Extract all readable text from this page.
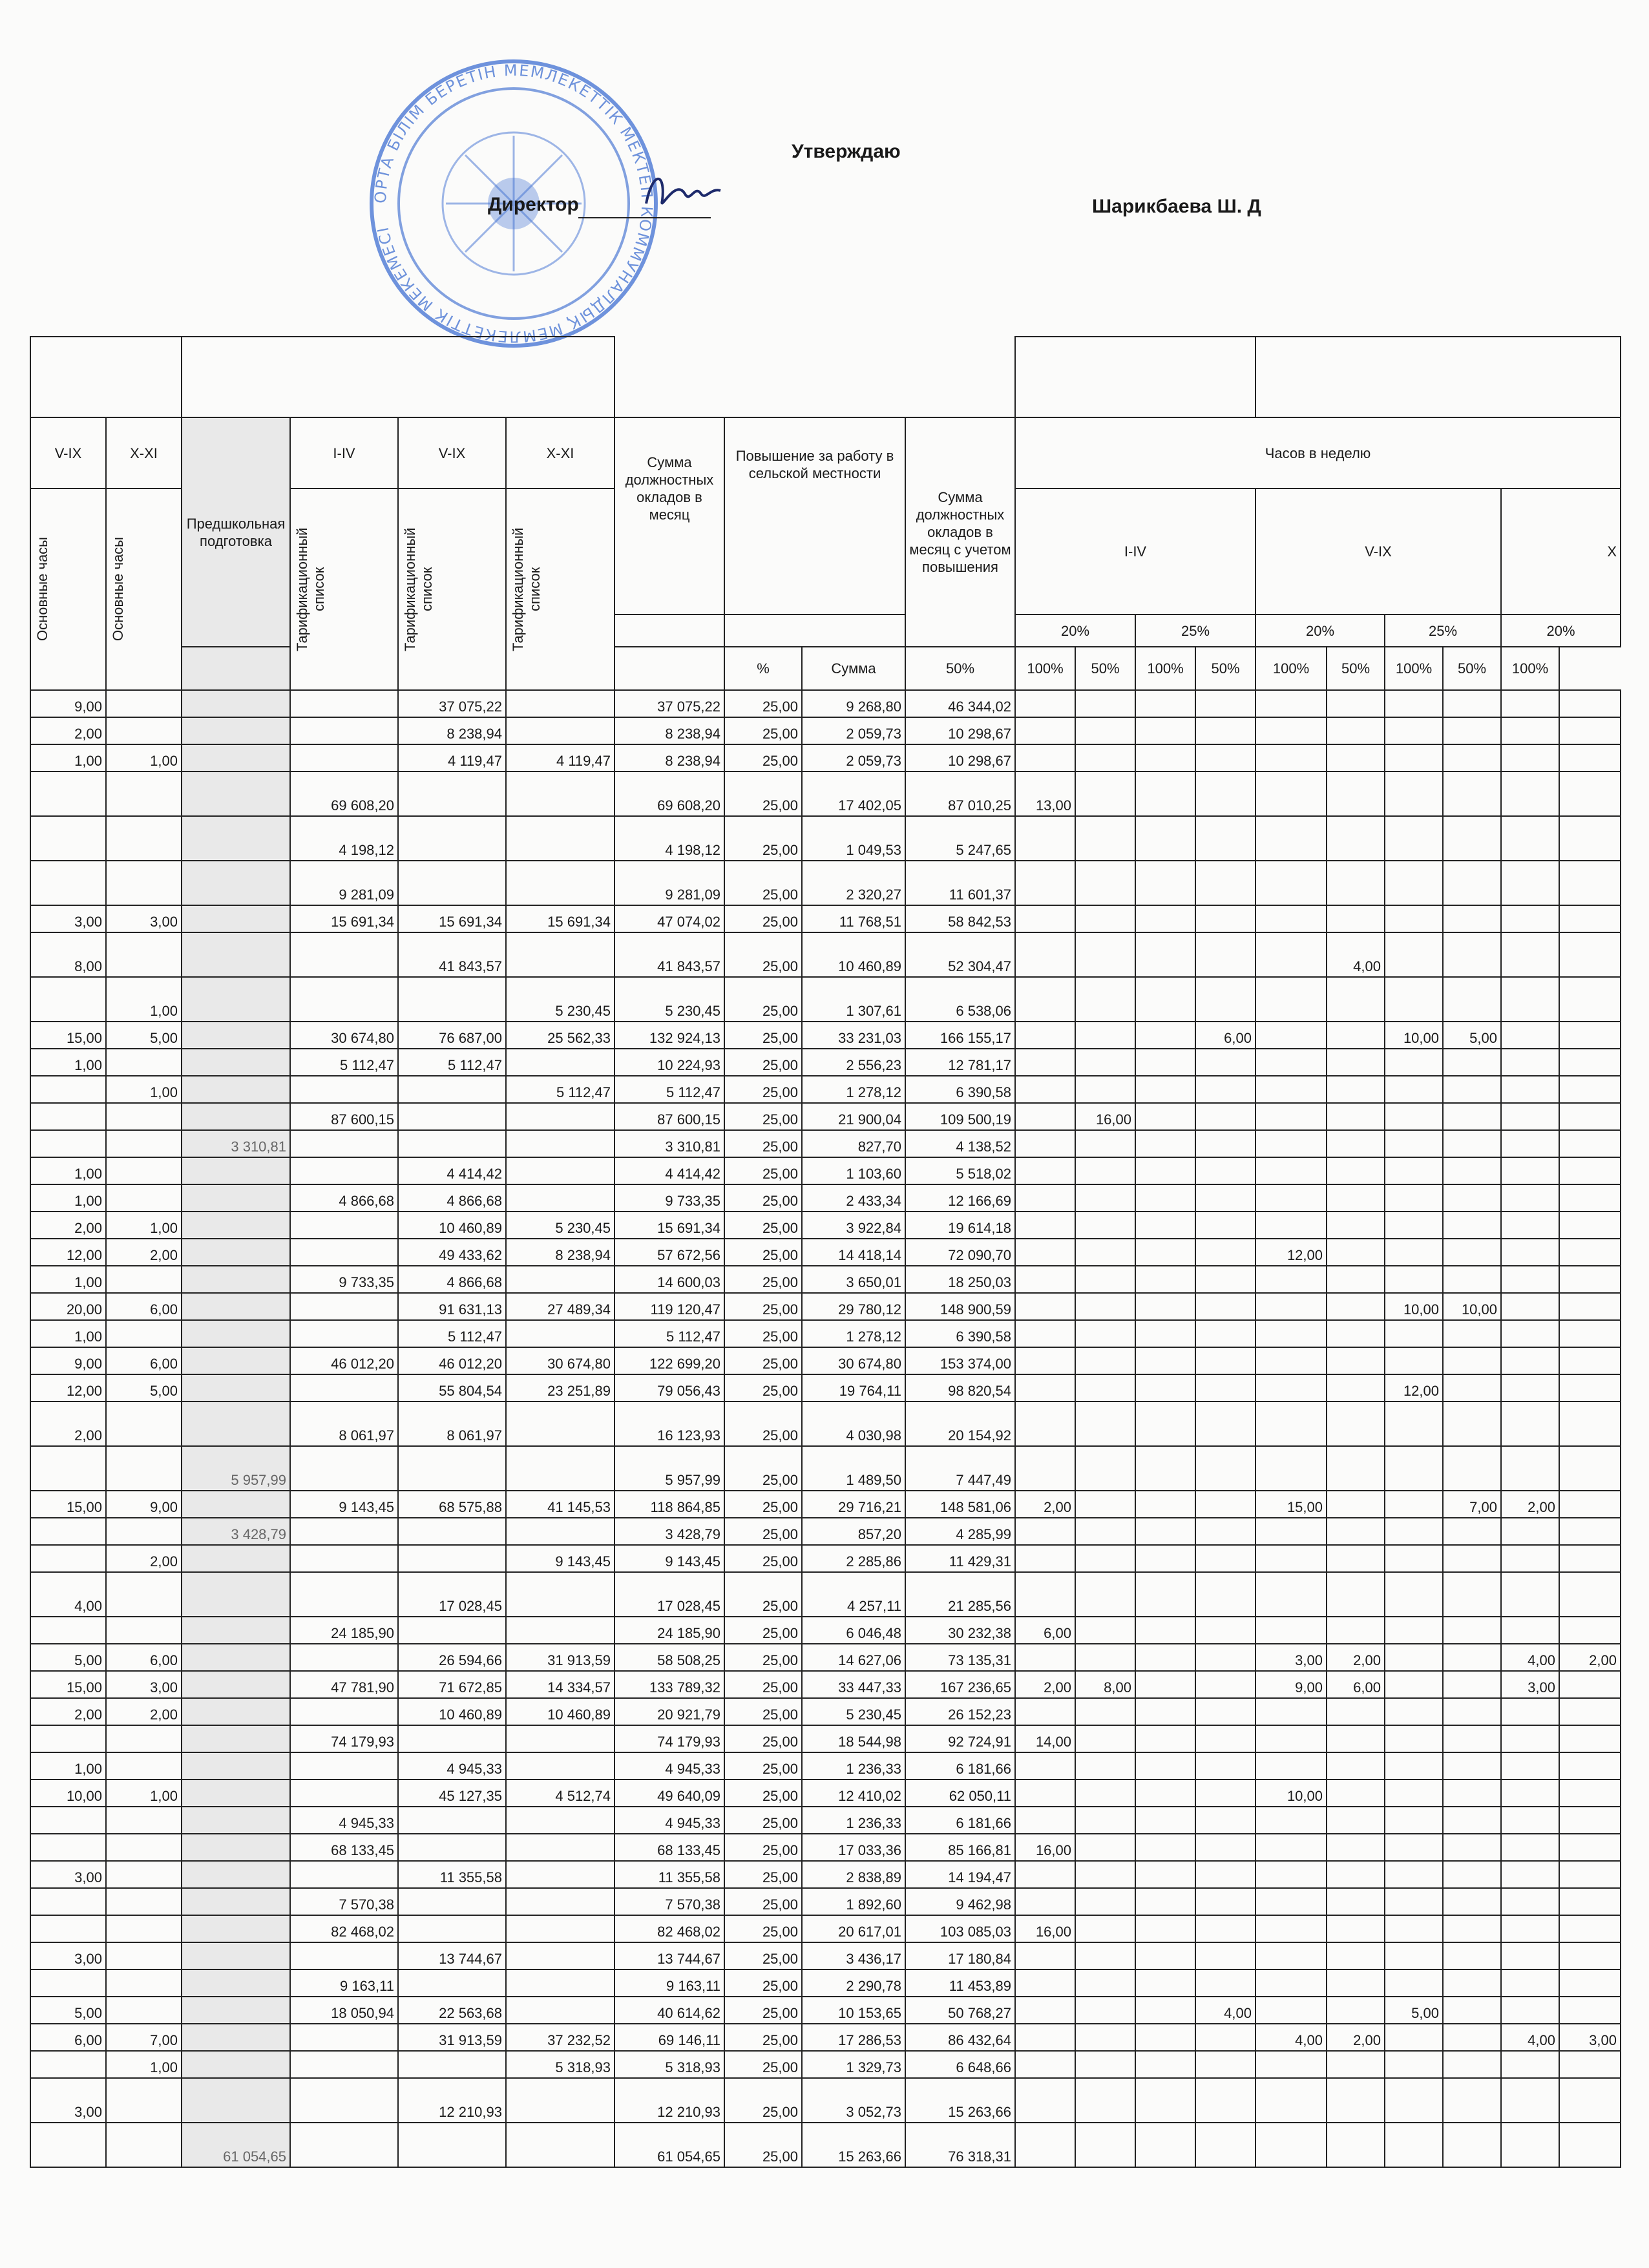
ОРТА БІЛІМ БЕРЕТІН МЕМЛЕКЕТТІК МЕКТЕП КОММУНАЛДЫҚ МЕМЛЕКЕТТІК МЕКЕМЕСІ
Утверждаю
Директор	Шарикбаева Ш. Д

V-IX	X-XI	Предшкольная подготовка	I-IV	V-IX	X-XI	Сумма должностных окладов в месяц	Повышение за работу в сельской местности		Сумма должностных окладов в месяц с учетом повышения	Часов в неделю									

Основные часы	Основные часы		Тарификационный список	Тарификационный список	Тарификационный список					I-IV				V-IX				X	
										20%		25%		20%		25%		20%	
							%	Сумма	50%	100%	50%	100%	50%	100%	50%	100%	50%	100%	
9,00				37 075,22		37 075,22	25,00	9 268,80	46 344,02										
2,00				8 238,94		8 238,94	25,00	2 059,73	10 298,67										
1,00	1,00			4 119,47	4 119,47	8 238,94	25,00	2 059,73	10 298,67										
			69 608,20			69 608,20	25,00	17 402,05	87 010,25	13,00									
			4 198,12			4 198,12	25,00	1 049,53	5 247,65										
			9 281,09			9 281,09	25,00	2 320,27	11 601,37										
3,00	3,00		15 691,34	15 691,34	15 691,34	47 074,02	25,00	11 768,51	58 842,53										
8,00				41 843,57		41 843,57	25,00	10 460,89	52 304,47						4,00				
	1,00				5 230,45	5 230,45	25,00	1 307,61	6 538,06										
15,00	5,00		30 674,80	76 687,00	25 562,33	132 924,13	25,00	33 231,03	166 155,17				6,00			10,00	5,00		
1,00			5 112,47	5 112,47		10 224,93	25,00	2 556,23	12 781,17										
	1,00				5 112,47	5 112,47	25,00	1 278,12	6 390,58										
			87 600,15			87 600,15	25,00	21 900,04	109 500,19		16,00								
		3 310,81				3 310,81	25,00	827,70	4 138,52										
1,00				4 414,42		4 414,42	25,00	1 103,60	5 518,02										
1,00			4 866,68	4 866,68		9 733,35	25,00	2 433,34	12 166,69										
2,00	1,00			10 460,89	5 230,45	15 691,34	25,00	3 922,84	19 614,18										
12,00	2,00			49 433,62	8 238,94	57 672,56	25,00	14 418,14	72 090,70					12,00					
1,00			9 733,35	4 866,68		14 600,03	25,00	3 650,01	18 250,03										
20,00	6,00			91 631,13	27 489,34	119 120,47	25,00	29 780,12	148 900,59							10,00	10,00		
1,00				5 112,47		5 112,47	25,00	1 278,12	6 390,58										
9,00	6,00		46 012,20	46 012,20	30 674,80	122 699,20	25,00	30 674,80	153 374,00										
12,00	5,00			55 804,54	23 251,89	79 056,43	25,00	19 764,11	98 820,54							12,00			
2,00			8 061,97	8 061,97		16 123,93	25,00	4 030,98	20 154,92										
		5 957,99				5 957,99	25,00	1 489,50	7 447,49										
15,00	9,00		9 143,45	68 575,88	41 145,53	118 864,85	25,00	29 716,21	148 581,06	2,00				15,00			7,00	2,00	
		3 428,79				3 428,79	25,00	857,20	4 285,99										
	2,00				9 143,45	9 143,45	25,00	2 285,86	11 429,31										
4,00				17 028,45		17 028,45	25,00	4 257,11	21 285,56										
			24 185,90			24 185,90	25,00	6 046,48	30 232,38	6,00									
5,00	6,00			26 594,66	31 913,59	58 508,25	25,00	14 627,06	73 135,31					3,00	2,00			4,00	2,00
15,00	3,00		47 781,90	71 672,85	14 334,57	133 789,32	25,00	33 447,33	167 236,65	2,00	8,00			9,00	6,00			3,00	
2,00	2,00			10 460,89	10 460,89	20 921,79	25,00	5 230,45	26 152,23										
			74 179,93			74 179,93	25,00	18 544,98	92 724,91	14,00									
1,00				4 945,33		4 945,33	25,00	1 236,33	6 181,66										
10,00	1,00			45 127,35	4 512,74	49 640,09	25,00	12 410,02	62 050,11					10,00					
			4 945,33			4 945,33	25,00	1 236,33	6 181,66										
			68 133,45			68 133,45	25,00	17 033,36	85 166,81	16,00									
3,00				11 355,58		11 355,58	25,00	2 838,89	14 194,47										
			7 570,38			7 570,38	25,00	1 892,60	9 462,98										
			82 468,02			82 468,02	25,00	20 617,01	103 085,03	16,00									
3,00				13 744,67		13 744,67	25,00	3 436,17	17 180,84										
			9 163,11			9 163,11	25,00	2 290,78	11 453,89										
5,00			18 050,94	22 563,68		40 614,62	25,00	10 153,65	50 768,27				4,00			5,00			
6,00	7,00			31 913,59	37 232,52	69 146,11	25,00	17 286,53	86 432,64					4,00	2,00			4,00	3,00
	1,00				5 318,93	5 318,93	25,00	1 329,73	6 648,66										
3,00				12 210,93		12 210,93	25,00	3 052,73	15 263,66										
		61 054,65				61 054,65	25,00	15 263,66	76 318,31										
